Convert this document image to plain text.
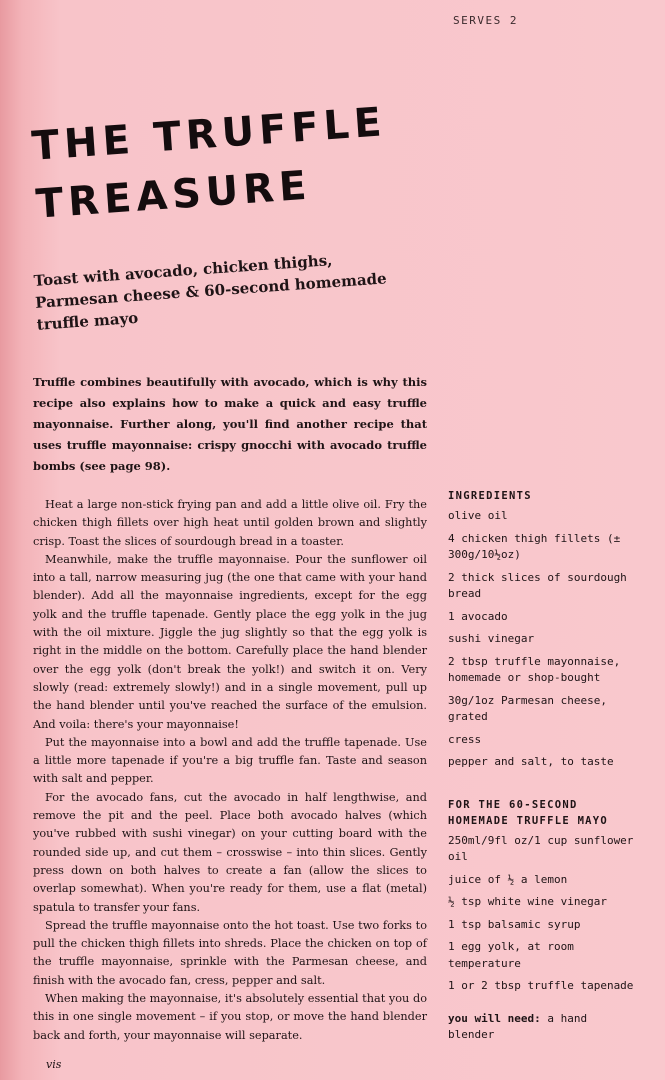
SERVES 2
THE TRUFFLE
TREASURE

Toast with avocado, chicken thighs, Parmesan cheese & 60-second homemade truffle mayo

Truffle combines beautifully with avocado, which is why this recipe also explains how to make a quick and easy truffle mayonnaise. Further along, you'll find another recipe that uses truffle mayonnaise: crispy gnocchi with avocado truffle bombs (see page 98).

Heat a large non-stick frying pan and add a little olive oil. Fry the chicken thigh fillets over high heat until golden brown and slightly crisp. Toast the slices of sourdough bread in a toaster.

Meanwhile, make the truffle mayonnaise. Pour the sunflower oil into a tall, narrow measuring jug (the one that came with your hand blender). Add all the mayonnaise ingredients, except for the egg yolk and the truffle tapenade. Gently place the egg yolk in the jug with the oil mixture. Jiggle the jug slightly so that the egg yolk is right in the middle on the bottom. Carefully place the hand blender over the egg yolk (don't break the yolk!) and switch it on. Very slowly (read: extremely slowly!) and in a single movement, pull up the hand blender until you've reached the surface of the emulsion. And voila: there's your mayonnaise!

Put the mayonnaise into a bowl and add the truffle tapenade. Use a little more tapenade if you're a big truffle fan. Taste and season with salt and pepper.

For the avocado fans, cut the avocado in half lengthwise, and remove the pit and the peel. Place both avocado halves (which you've rubbed with sushi vinegar) on your cutting board with the rounded side up, and cut them – crosswise – into thin slices. Gently press down on both halves to create a fan (allow the slices to overlap somewhat). When you're ready for them, use a flat (metal) spatula to transfer your fans.

Spread the truffle mayonnaise onto the hot toast. Use two forks to pull the chicken thigh fillets into shreds. Place the chicken on top of the truffle mayonnaise, sprinkle with the Parmesan cheese, and finish with the avocado fan, cress, pepper and salt.

When making the mayonnaise, it's absolutely essential that you do this in one single movement – if you stop, or move the hand blender back and forth, your mayonnaise will separate.

vis
INGREDIENTS
olive oil
4 chicken thigh fillets (± 300g/10½oz)
2 thick slices of sourdough bread
1 avocado
sushi vinegar
2 tbsp truffle mayonnaise, homemade or shop-bought
30g/1oz Parmesan cheese, grated
cress
pepper and salt, to taste
FOR THE 60-SECOND
HOMEMADE TRUFFLE MAYO
250ml/9fl oz/1 cup sunflower oil
juice of ½ a lemon
½ tsp white wine vinegar
1 tsp balsamic syrup
1 egg yolk, at room temperature
1 or 2 tbsp truffle tapenade
you will need: a hand blender
